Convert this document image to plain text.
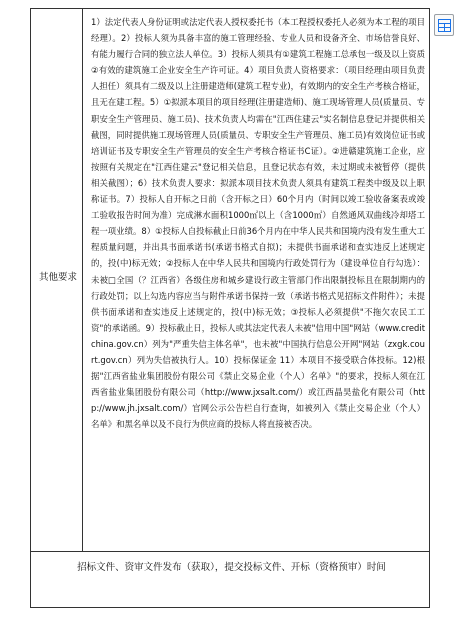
其他要求
1）法定代表人身份证明或法定代表人授权委托书（本工程授权委托人必须为本工程的项目经理）。2）投标人须为具备丰富的施工管理经验、专业人员和设备齐全、市场信誉良好、有能力履行合同的独立法人单位。3）投标人须具有①建筑工程施工总承包一级及以上资质②有效的建筑施工企业安全生产许可证。4）项目负责人资格要求：（项目经理由项目负责人担任）须具有二级及以上注册建造师(建筑工程专业)，有效期内的安全生产考核合格证，且无在建工程。5）①拟派本项目的项目经理(注册建造师)、施工现场管理人员(质量员、专职安全生产管理员、施工员)、技术负责人均需在"江西住建云"实名制信息登记并提供相关截图，同时提供施工现场管理人员(质量员、专职安全生产管理员、施工员)有效岗位证书或培训证书及专职安全生产管理员的安全生产考核合格证书C证）。②进赣建筑施工企业，应按照有关规定在"江西住建云"登记相关信息，且登记状态有效，未过期或未被暂停（提供相关截图）；6）技术负责人要求：拟派本项目技术负责人须具有建筑工程类中级及以上职称证书。7）投标人自开标之日前（含开标之日）60个月内（时间以竣工验收备案表或竣工验收报告时间为准）完成淋水面积1000㎡以上（含1000㎡）自然通风双曲线冷却塔工程一项业绩。8）①投标人自投标截止日前36个月内在中华人民共和国境内没有发生重大工程质量问题，并出具书面承诺书(承诺书格式自拟)；未提供书面承诺和查实违反上述规定的，投(中)标无效；②投标人在中华人民共和国境内行政处罚行为（建设单位自行勾选）：未被□全国（？江西省）各级住房和城乡建设行政主管部门作出限制投标且在限制期内的行政处罚；以上勾选内容应当与附件承诺书保持一致（承诺书格式见招标文件附件）；未提供书面承诺和查实违反上述规定的，投(中)标无效；③投标人必须提供"不拖欠农民工工资"的承诺函。9）投标截止日，投标人或其法定代表人未被"信用中国"网站（www.creditchina.gov.cn）列为"严重失信主体名单"，也未被"中国执行信息公开网"网站（zxgk.court.gov.cn）列为失信被执行人。10）投标保证金 11）本项目不接受联合体投标。12)根据"江西省盐业集团股份有限公司《禁止交易企业（个人）名单》"的要求，投标人须在江西省盐业集团股份有限公司（http://www.jxsalt.com/）或江西晶昊盐化有限公司（http://www.jh.jxsalt.com/）官网公示公告栏自行查询，如被列入《禁止交易企业（个人）名单》和黑名单以及不良行为供应商的投标人将直接被否决。
招标文件、资审文件发布（获取），提交投标文件、开标（资格预审）时间
